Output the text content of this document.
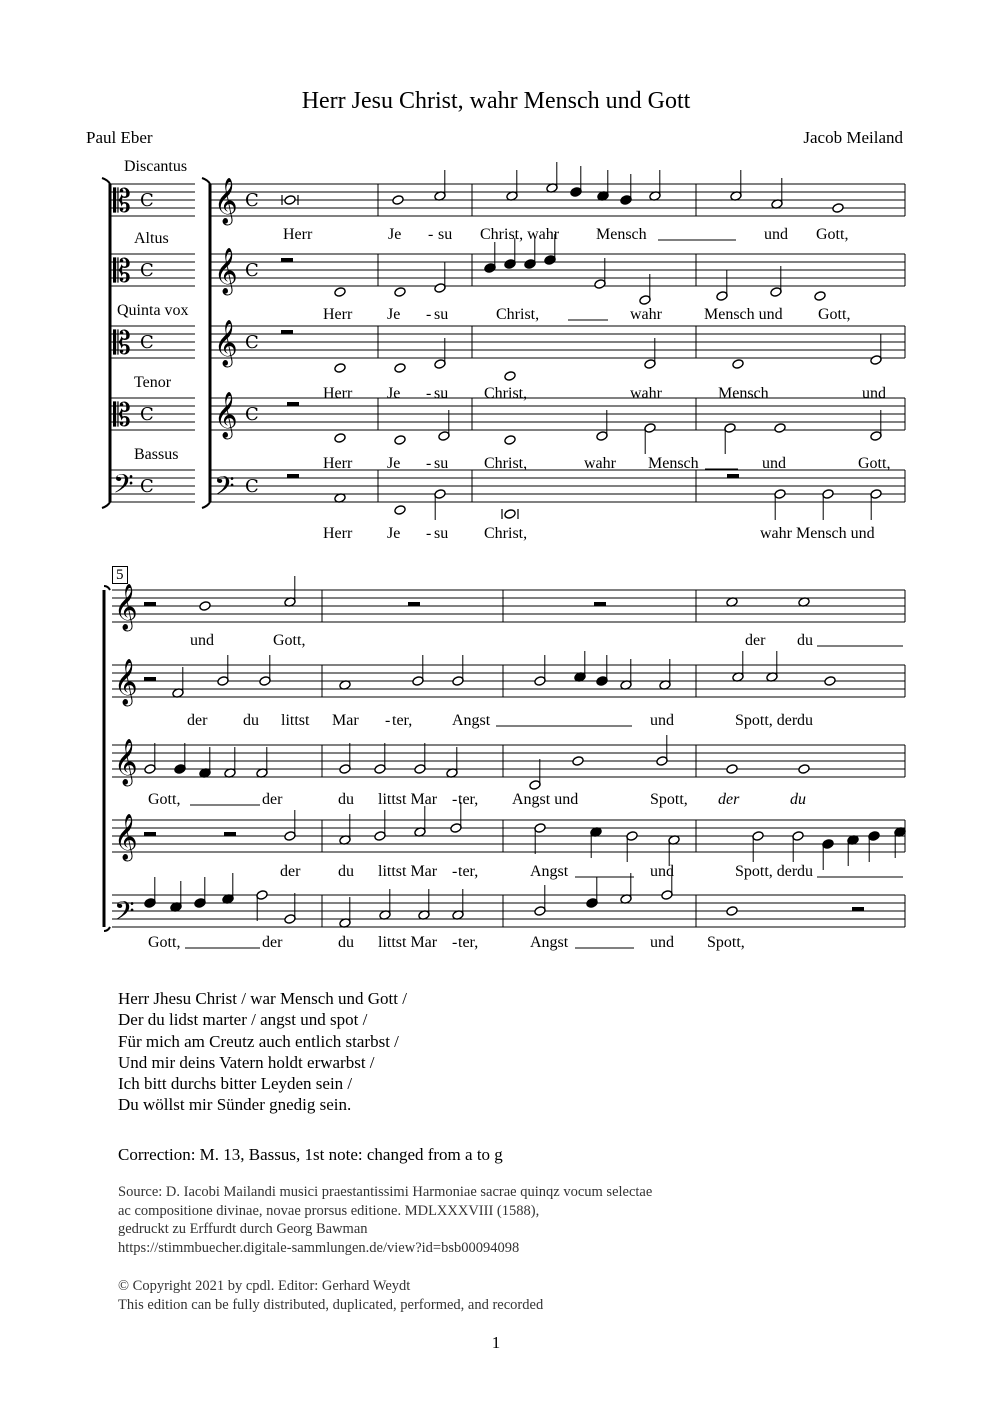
Herr Jesu Christ, wahr Mensch und Gott
Paul Eber	Jacob Meiland
Discantus
Altus
Quinta vox
Tenor
Bassus
𝄡 C
𝄡 C
𝄡 C
𝄡 C
𝄢 C
𝄞 C
𝄞 C
𝄞 C
𝄞 C
𝄢 C
𝄞
𝄞
𝄞
𝄞
𝄢
5
Herr	Je - su Christ, wahr Mensch	und Gott,
Herr Je - su	Christ,	wahr	Mensch und Gott,
Herr Je - su Christ,	wahr	Mensch	und
Herr Je - su Christ,	wahr Mensch	und	Gott,
Herr Je - su Christ,	wahr Mensch und
und	Gott,	der du
der du littst Mar - ter, Angst	und	Spott, der du
Gott,	der	du littst Mar - ter, Angst und	Spott, der	du
der du littst Mar - ter,	Angst	und	Spott, der du
Gott,	der	du littst Mar - ter,	Angst	und Spott,
Herr Jhesu Christ / war Mensch und Gott /
Der du lidst marter / angst und spot /
Für mich am Creutz auch entlich starbst /
Und mir deins Vatern holdt erwarbst /
Ich bitt durchs bitter Leyden sein /
Du wöllst mir Sünder gnedig sein.
Correction: M. 13, Bassus, 1st note: changed from a to g
Source: D. Iacobi Mailandi musici praestantissimi Harmoniae sacrae quinqz vocum selectae
ac compositione divinae, novae prorsus editione. MDLXXXVIII (1588),
gedruckt zu Erffurdt durch Georg Bawman
https://stimmbuecher.digitale-sammlungen.de/view?id=bsb00094098
© Copyright 2021 by cpdl. Editor: Gerhard Weydt
This edition can be fully distributed, duplicated, performed, and recorded
1
